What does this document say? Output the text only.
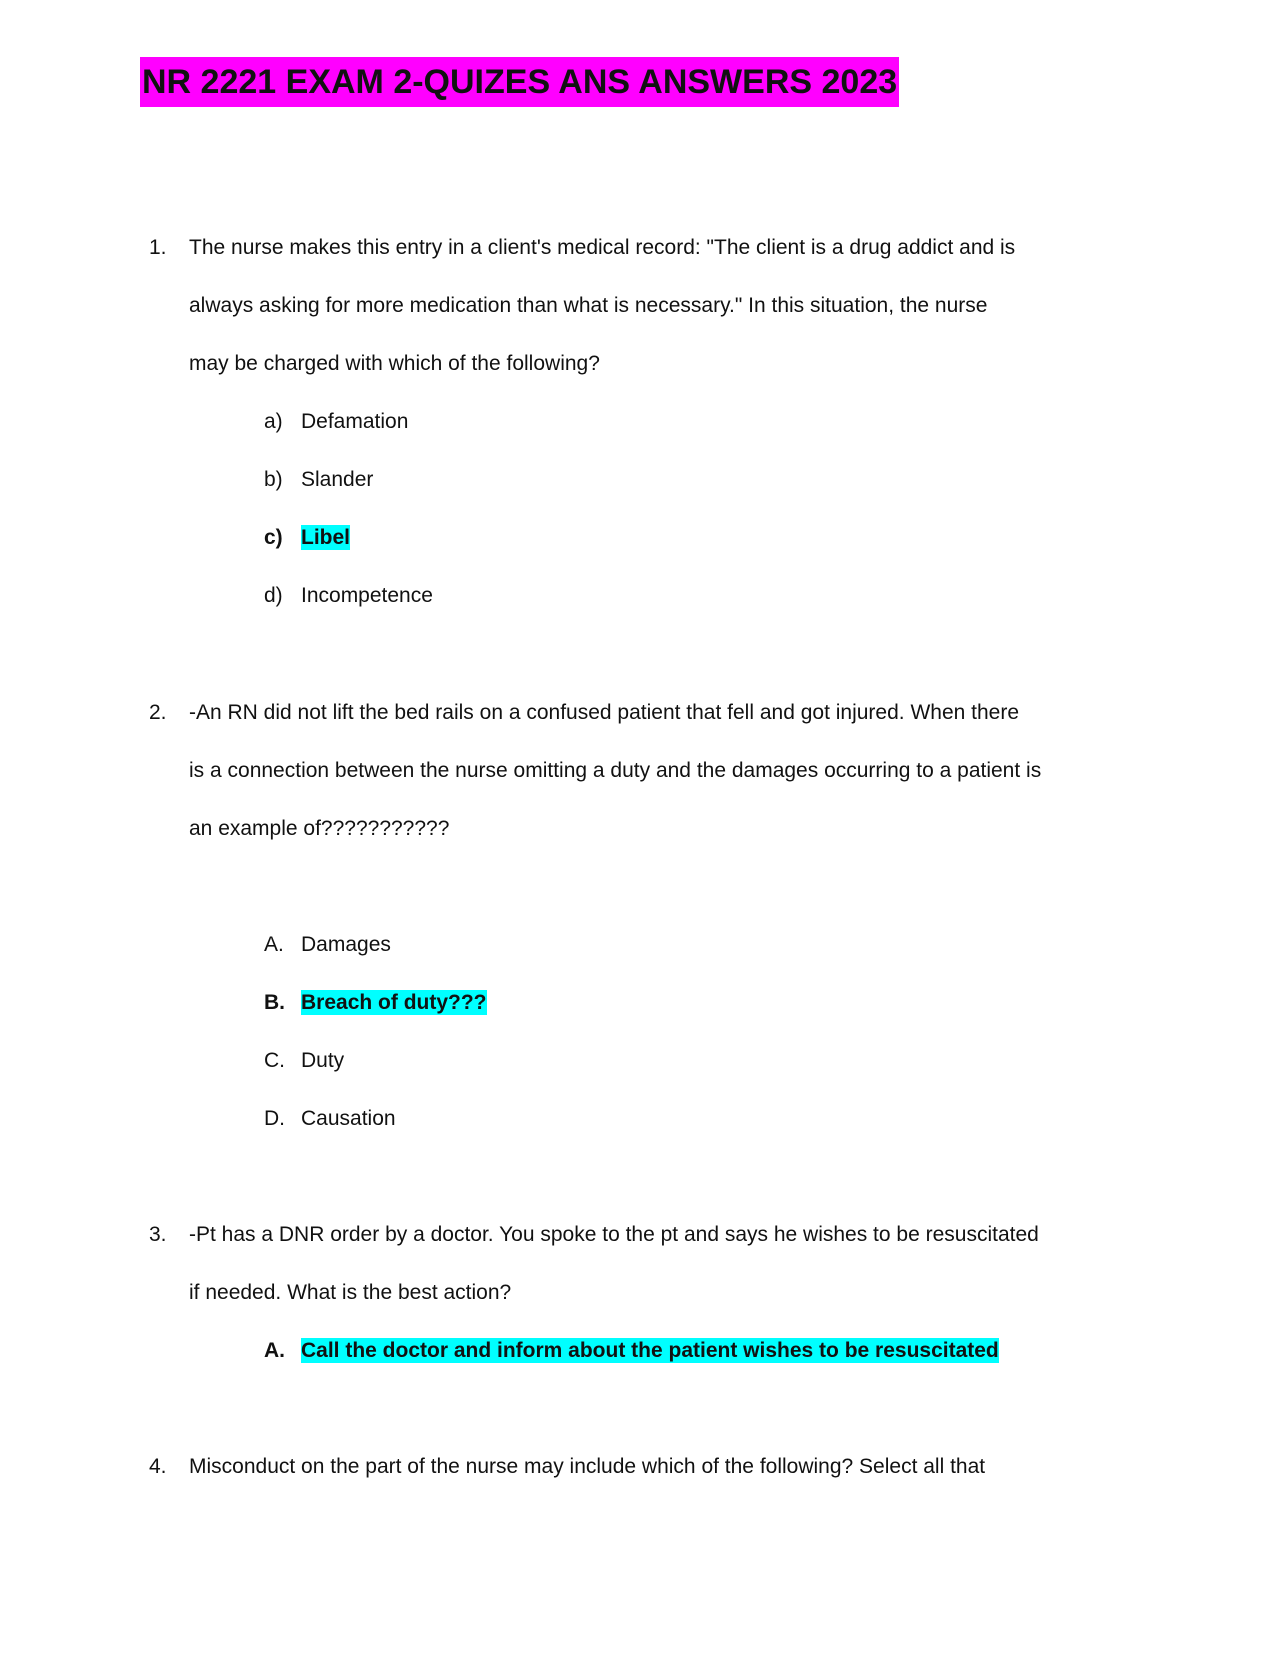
NR 2221 EXAM 2-QUIZES ANS ANSWERS 2023
1. The nurse makes this entry in a client's medical record: "The client is a drug addict and is
always asking for more medication than what is necessary." In this situation, the nurse
may be charged with which of the following?
a) Defamation
b) Slander
c) Libel
d) Incompetence
2. -An RN did not lift the bed rails on a confused patient that fell and got injured. When there
is a connection between the nurse omitting a duty and the damages occurring to a patient is
an example of???????????
A. Damages
B. Breach of duty???
C. Duty
D. Causation
3. -Pt has a DNR order by a doctor. You spoke to the pt and says he wishes to be resuscitated
if needed. What is the best action?
A. Call the doctor and inform about the patient wishes to be resuscitated
4. Misconduct on the part of the nurse may include which of the following? Select all that
